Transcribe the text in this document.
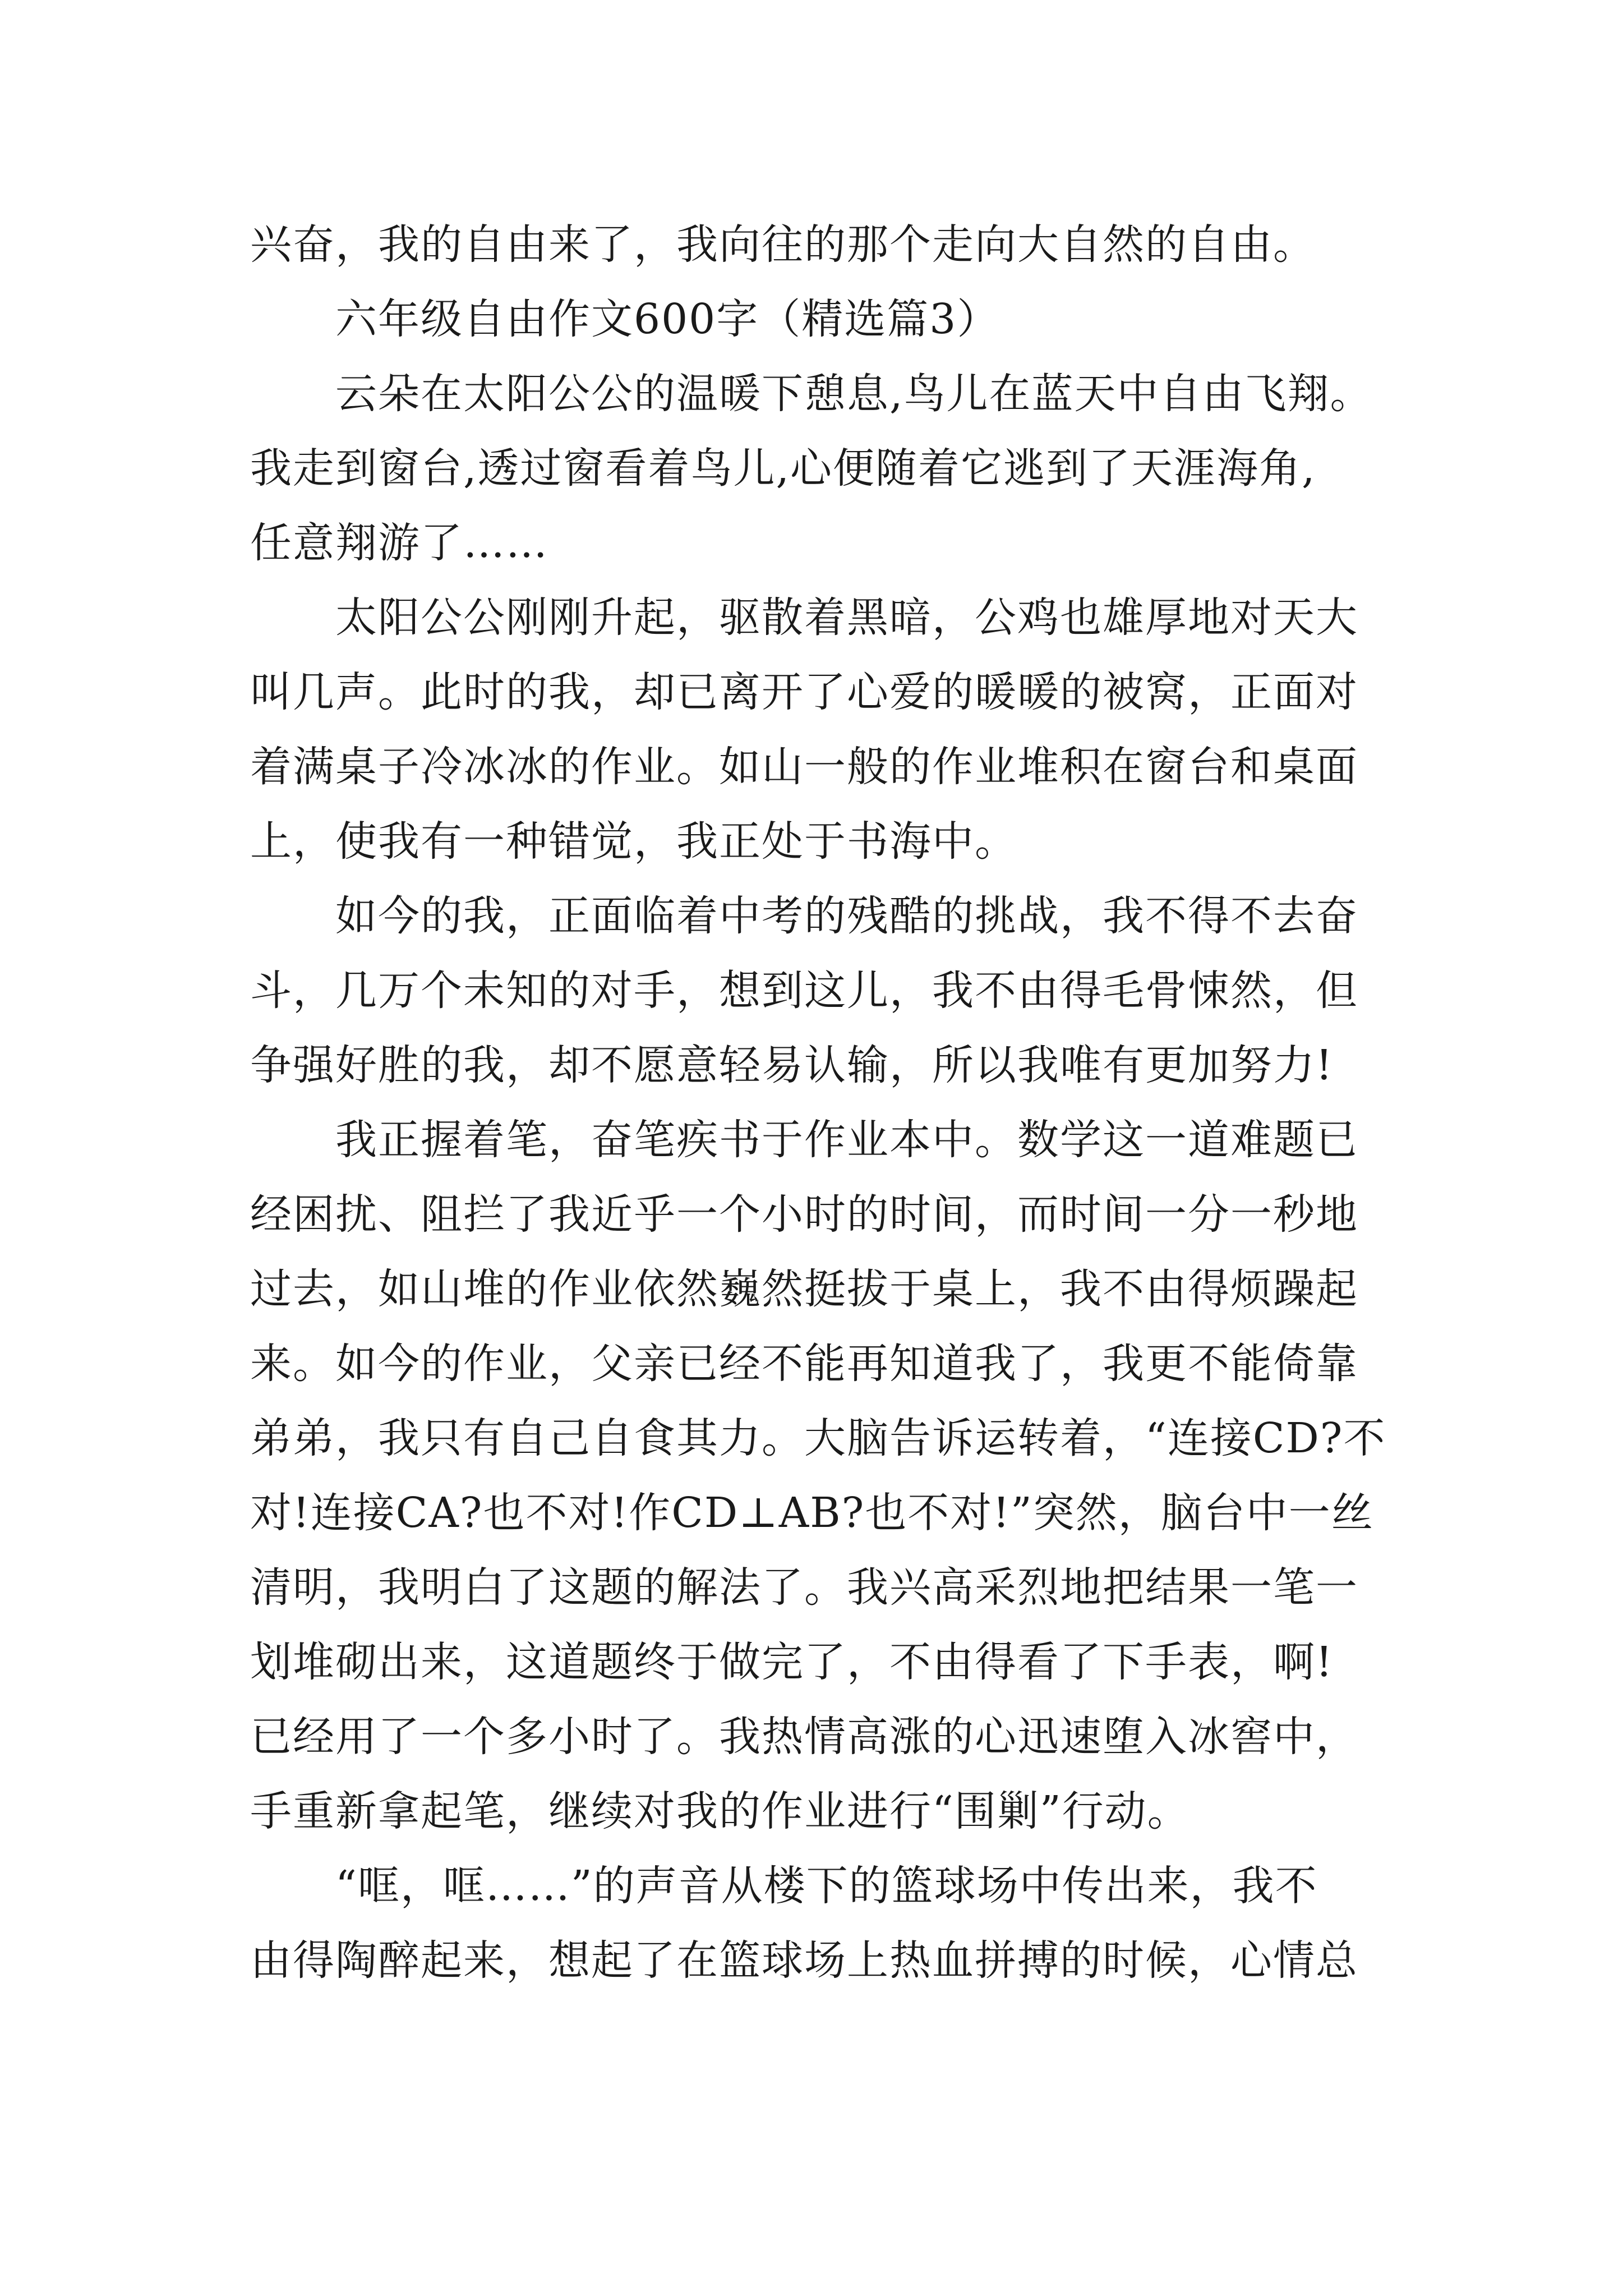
兴奋，我的自由来了，我向往的那个走向大自然的自由。
六年级自由作文600字（精选篇3）
云朵在太阳公公的温暖下憩息,鸟儿在蓝天中自由飞翔。
我走到窗台,透过窗看着鸟儿,心便随着它逃到了天涯海角,
任意翔游了……
太阳公公刚刚升起，驱散着黑暗，公鸡也雄厚地对天大
叫几声。此时的我，却已离开了心爱的暖暖的被窝，正面对
着满桌子冷冰冰的作业。如山一般的作业堆积在窗台和桌面
上，使我有一种错觉，我正处于书海中。
如今的我，正面临着中考的残酷的挑战，我不得不去奋
斗，几万个未知的对手，想到这儿，我不由得毛骨悚然，但
争强好胜的我，却不愿意轻易认输，所以我唯有更加努力!
我正握着笔，奋笔疾书于作业本中。数学这一道难题已
经困扰、阻拦了我近乎一个小时的时间，而时间一分一秒地
过去，如山堆的作业依然巍然挺拔于桌上，我不由得烦躁起
来。如今的作业，父亲已经不能再知道我了，我更不能倚靠
弟弟，我只有自己自食其力。大脑告诉运转着，“连接CD?不
对!连接CA?也不对!作CD⊥AB?也不对!”突然，脑台中一丝
清明，我明白了这题的解法了。我兴高采烈地把结果一笔一
划堆砌出来，这道题终于做完了，不由得看了下手表，啊!
已经用了一个多小时了。我热情高涨的心迅速堕入冰窖中，
手重新拿起笔，继续对我的作业进行“围剿”行动。
“哐，哐……”的声音从楼下的篮球场中传出来，我不
由得陶醉起来，想起了在篮球场上热血拼搏的时候，心情总
